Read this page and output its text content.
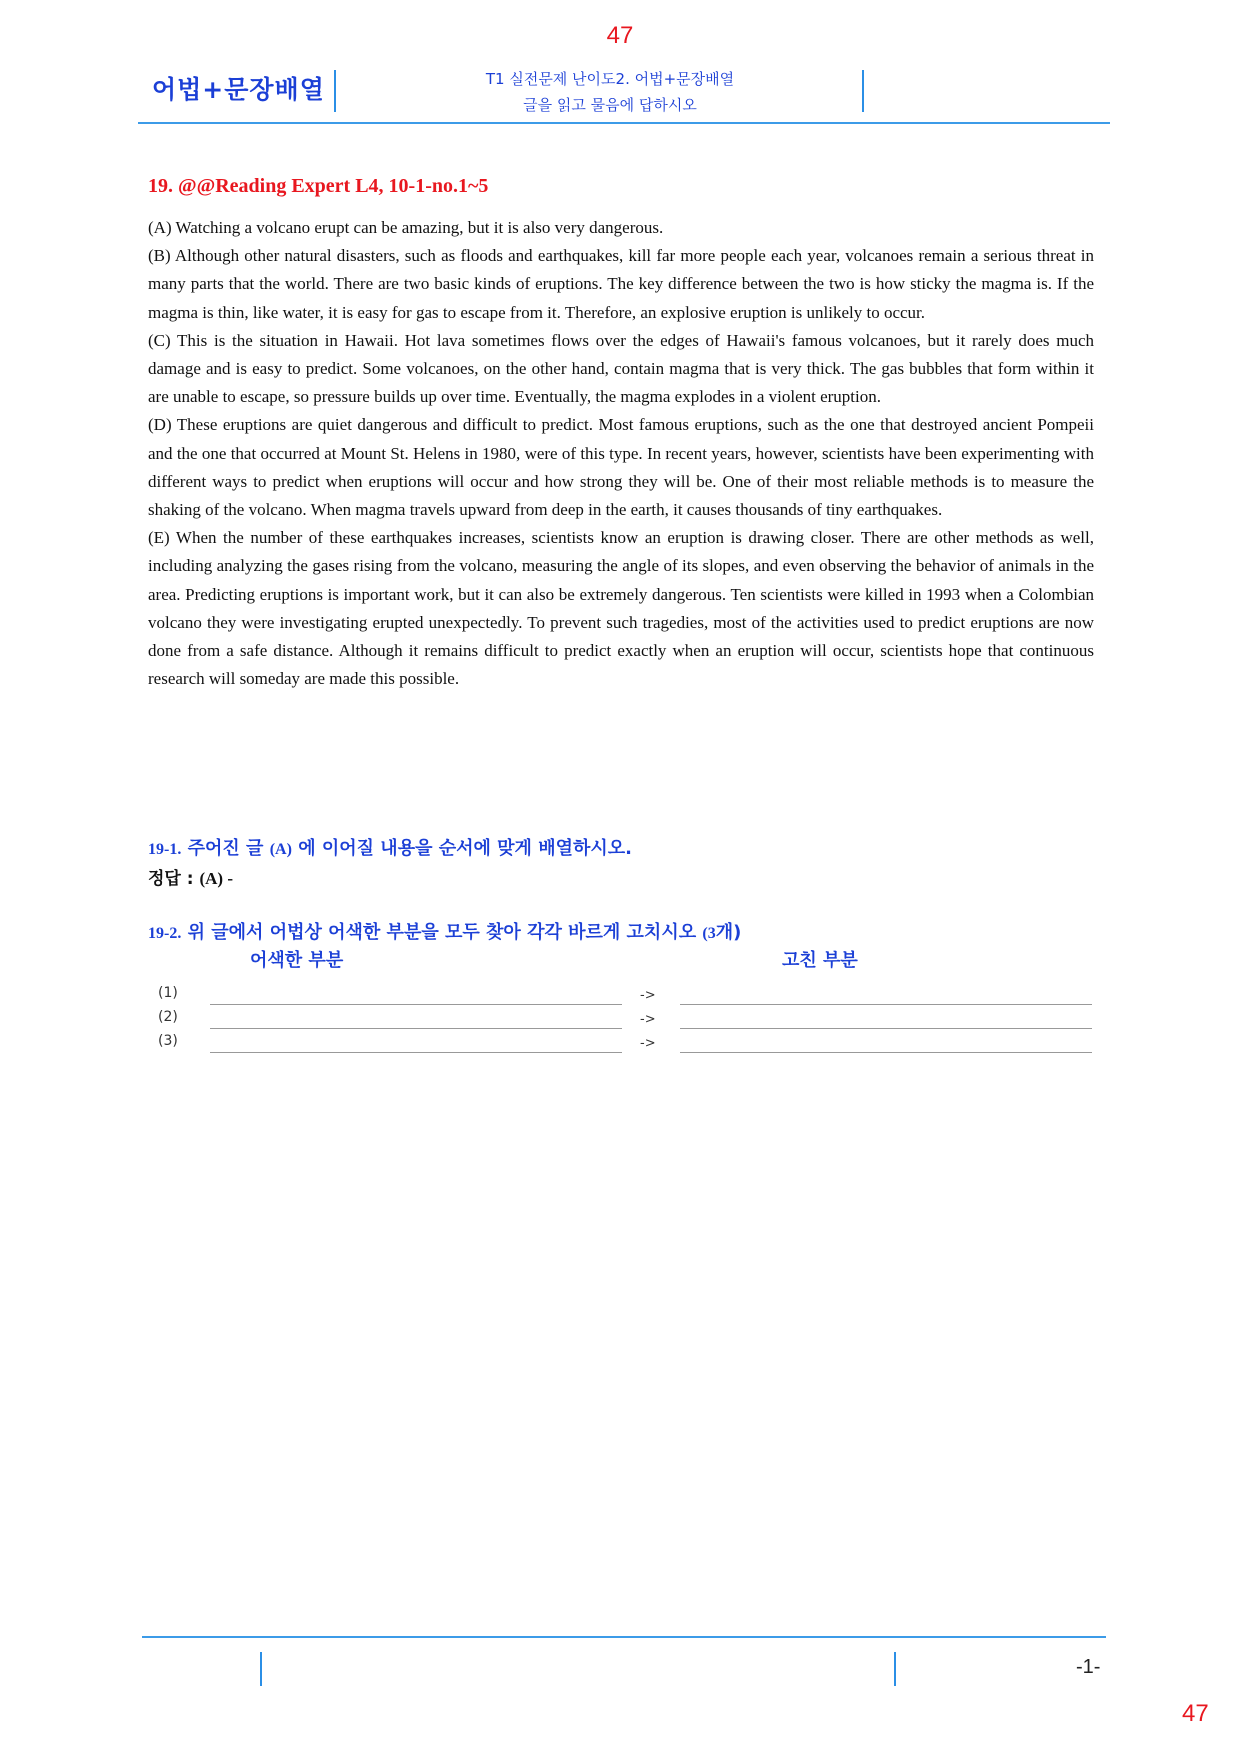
47
어법+문장배열	T1 실전문제 난이도2. 어법+문장배열
글을 읽고 물음에 답하시오
19. @@Reading Expert L4, 10-1-no.1~5

(A) Watching a volcano erupt can be amazing, but it is also very dangerous.

(B) Although other natural disasters, such as floods and earthquakes, kill far more people each year, volcanoes remain a serious threat in many parts that the world. There are two basic kinds of eruptions. The key difference between the two is how sticky the magma is. If the magma is thin, like water, it is easy for gas to escape from it. Therefore, an explosive eruption is unlikely to occur.

(C) This is the situation in Hawaii. Hot lava sometimes flows over the edges of Hawaii's famous volcanoes, but it rarely does much damage and is easy to predict. Some volcanoes, on the other hand, contain magma that is very thick. The gas bubbles that form within it are unable to escape, so pressure builds up over time. Eventually, the magma explodes in a violent eruption.

(D) These eruptions are quiet dangerous and difficult to predict. Most famous eruptions, such as the one that destroyed ancient Pompeii and the one that occurred at Mount St. Helens in 1980, were of this type. In recent years, however, scientists have been experimenting with different ways to predict when eruptions will occur and how strong they will be. One of their most reliable methods is to measure the shaking of the volcano. When magma travels upward from deep in the earth, it causes thousands of tiny earthquakes.

(E) When the number of these earthquakes increases, scientists know an eruption is drawing closer. There are other methods as well, including analyzing the gases rising from the volcano, measuring the angle of its slopes, and even observing the behavior of animals in the area. Predicting eruptions is important work, but it can also be extremely dangerous. Ten scientists were killed in 1993 when a Colombian volcano they were investigating erupted unexpectedly. To prevent such tragedies, most of the activities used to predict eruptions are now done from a safe distance. Although it remains difficult to predict exactly when an eruption will occur, scientists hope that continuous research will someday are made this possible.

19-1. 주어진 글 (A) 에 이어질 내용을 순서에 맞게 배열하시오.
정답 : (A) -
19-2. 위 글에서 어법상 어색한 부분을 모두 찾아 각각 바르게 고치시오 (3개)
어색한 부분	고친 부분
(1)	->
(2)	->
(3)	->
-1-
47
